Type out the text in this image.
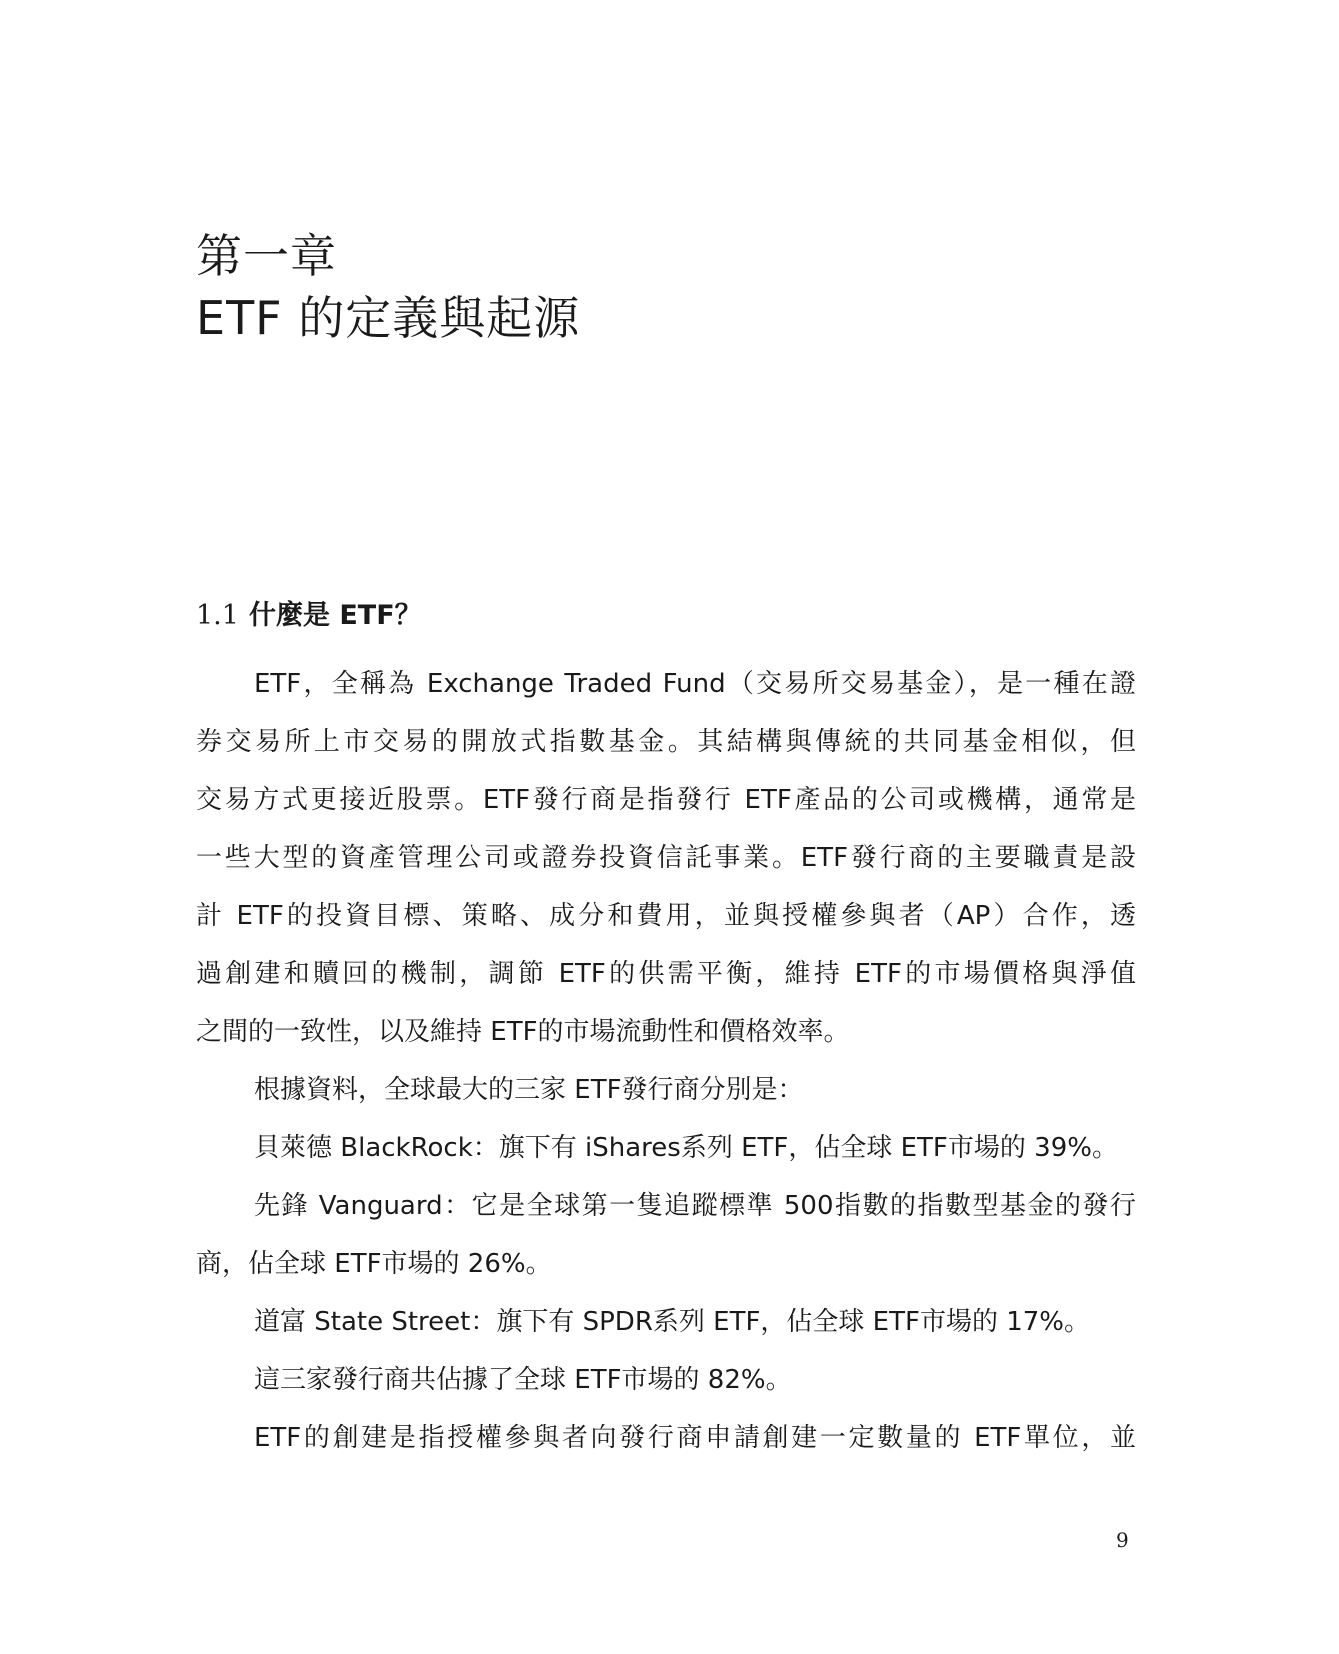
第一章
ETF 的定義與起源
1.1 什麼是 ETF？
ETF，全稱為 Exchange Traded Fund（交易所交易基金），是一種在證
券交易所上市交易的開放式指數基金。其結構與傳統的共同基金相似，但
交易方式更接近股票。ETF發行商是指發行 ETF產品的公司或機構，通常是
一些大型的資產管理公司或證券投資信託事業。ETF發行商的主要職責是設
計 ETF的投資目標、策略、成分和費用，並與授權參與者（AP）合作，透
過創建和贖回的機制，調節 ETF的供需平衡，維持 ETF的市場價格與淨值
之間的一致性，以及維持 ETF的市場流動性和價格效率。
根據資料，全球最大的三家 ETF發行商分別是：
貝萊德 BlackRock：旗下有 iShares系列 ETF，佔全球 ETF市場的 39%。
先鋒 Vanguard：它是全球第一隻追蹤標準 500指數的指數型基金的發行
商，佔全球 ETF市場的 26%。
道富 State Street：旗下有 SPDR系列 ETF，佔全球 ETF市場的 17%。
這三家發行商共佔據了全球 ETF市場的 82%。
ETF的創建是指授權參與者向發行商申請創建一定數量的 ETF單位，並
9
